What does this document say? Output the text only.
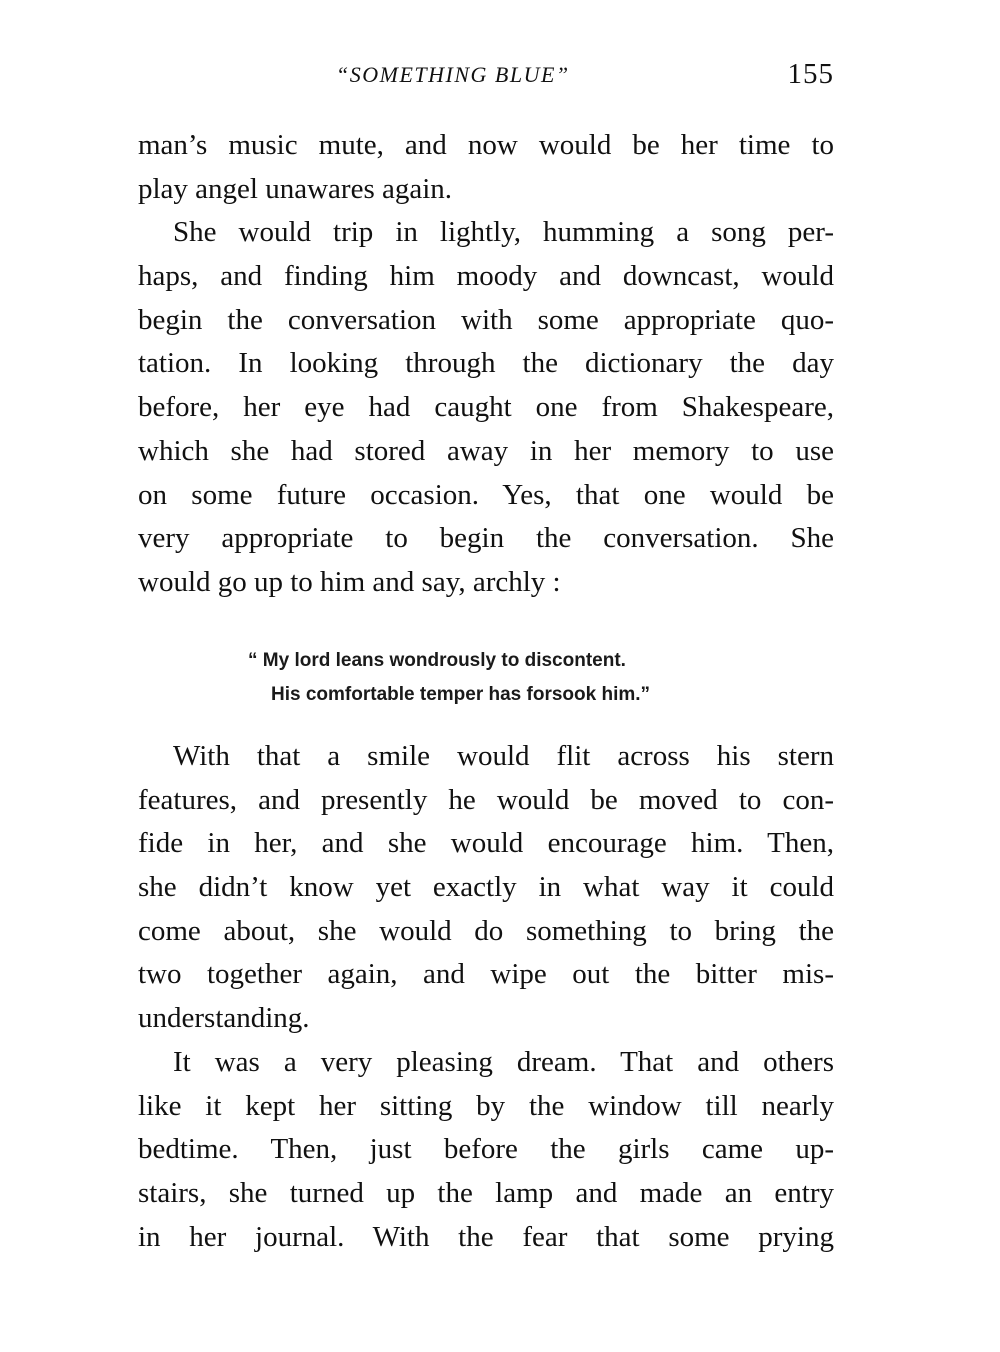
“SOMETHING BLUE”	155
man’s music mute, and now would be her time to
play angel unawares again.
She would trip in lightly, humming a song per-
haps, and finding him moody and downcast, would
begin the conversation with some appropriate quo-
tation. In looking through the dictionary the day
before, her eye had caught one from Shakespeare,
which she had stored away in her memory to use
on some future occasion. Yes, that one would be
very appropriate to begin the conversation. She
would go up to him and say, archly :
“ My lord leans wondrously to discontent.
His comfortable temper has forsook him.”
With that a smile would flit across his stern
features, and presently he would be moved to con-
fide in her, and she would encourage him. Then,
she didn’t know yet exactly in what way it could
come about, she would do something to bring the
two together again, and wipe out the bitter mis-
understanding.
It was a very pleasing dream. That and others
like it kept her sitting by the window till nearly
bedtime. Then, just before the girls came up-
stairs, she turned up the lamp and made an entry
in her journal. With the fear that some prying
